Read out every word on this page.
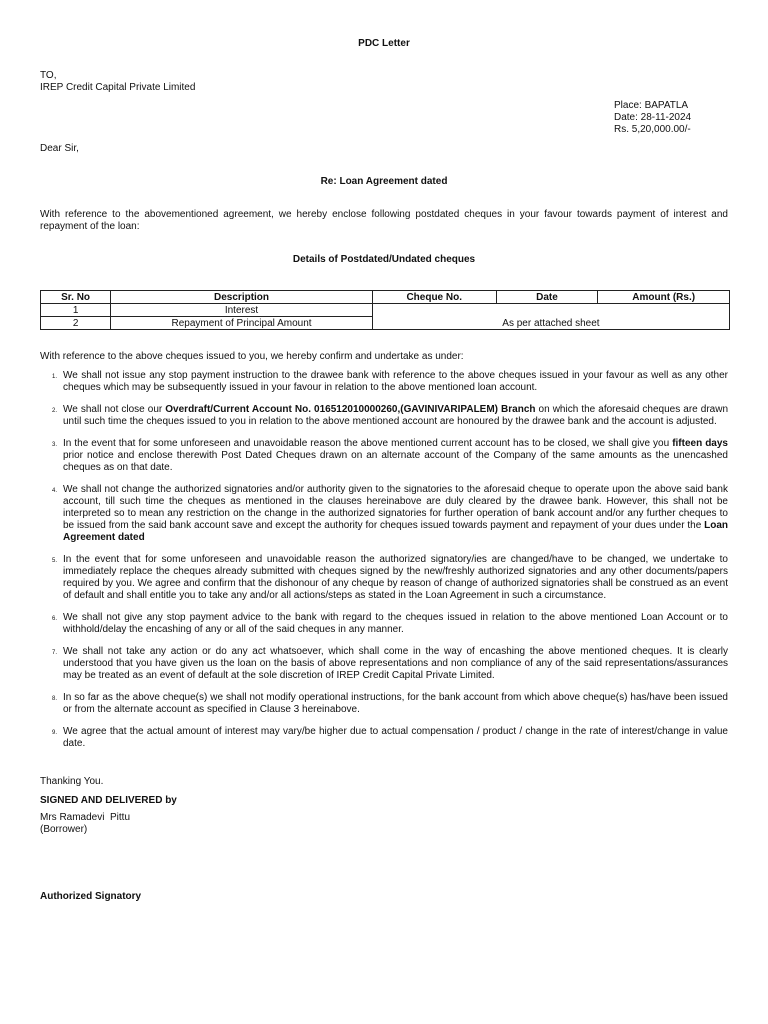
PDC Letter
TO,
IREP Credit Capital Private Limited
Place: BAPATLA
Date: 28-11-2024
Rs. 5,20,000.00/-
Dear Sir,
Re: Loan Agreement dated
With reference to the abovementioned agreement, we hereby enclose following postdated cheques in your favour towards payment of interest and repayment of the loan:
Details of Postdated/Undated cheques
Sr. No	Description	Cheque No.	Date	Amount (Rs.)
1	Interest	As per attached sheet		
2	Repayment of Principal Amount			
With reference to the above cheques issued to you, we hereby confirm and undertake as under:
1. We shall not issue any stop payment instruction to the drawee bank with reference to the above cheques issued in your favour as well as any other cheques which may be subsequently issued in your favour in relation to the above mentioned loan account.
2. We shall not close our Overdraft/Current Account No. 016512010000260,(GAVINIVARIPALEM) Branch on which the aforesaid cheques are drawn until such time the cheques issued to you in relation to the above mentioned account are honoured by the drawee bank and the account is adjusted.
3. In the event that for some unforeseen and unavoidable reason the above mentioned current account has to be closed, we shall give you fifteen days prior notice and enclose therewith Post Dated Cheques drawn on an alternate account of the Company of the same amounts as the unencashed cheques as on that date.
4. We shall not change the authorized signatories and/or authority given to the signatories to the aforesaid cheque to operate upon the above said bank account, till such time the cheques as mentioned in the clauses hereinabove are duly cleared by the drawee bank. However, this shall not be interpreted so to mean any restriction on the change in the authorized signatories for further operation of bank account and/or any further cheques to be issued from the said bank account save and except the authority for cheques issued towards payment and repayment of your dues under the Loan Agreement dated
5. In the event that for some unforeseen and unavoidable reason the authorized signatory/ies are changed/have to be changed, we undertake to immediately replace the cheques already submitted with cheques signed by the new/freshly authorized signatories and any other documents/papers required by you. We agree and confirm that the dishonour of any cheque by reason of change of authorized signatories shall be construed as an event of default and shall entitle you to take any and/or all actions/steps as stated in the Loan Agreement in such a circumstance.
6. We shall not give any stop payment advice to the bank with regard to the cheques issued in relation to the above mentioned Loan Account or to withhold/delay the encashing of any or all of the said cheques in any manner.
7. We shall not take any action or do any act whatsoever, which shall come in the way of encashing the above mentioned cheques. It is clearly understood that you have given us the loan on the basis of above representations and non compliance of any of the said representations/assurances may be treated as an event of default at the sole discretion of IREP Credit Capital Private Limited.
8. In so far as the above cheque(s) we shall not modify operational instructions, for the bank account from which above cheque(s) has/have been issued or from the alternate account as specified in Clause 3 hereinabove.
9. We agree that the actual amount of interest may vary/be higher due to actual compensation / product / change in the rate of interest/change in value date.
Thanking You.
SIGNED AND DELIVERED by
Mrs Ramadevi  Pittu
(Borrower)
Authorized Signatory
